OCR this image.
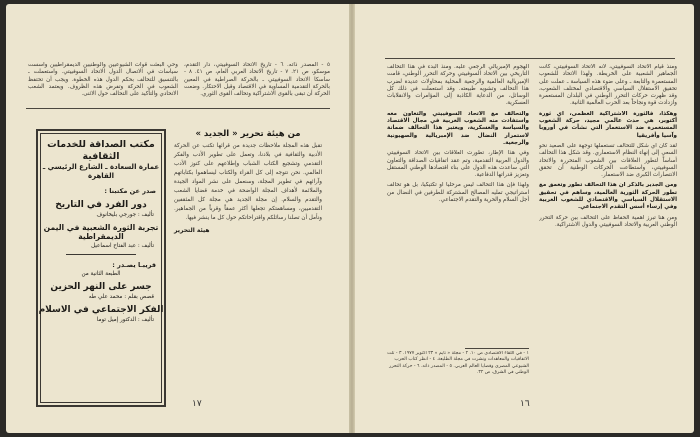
٥ - المصدر ذاته. ٦ - تاريخ الاتحاد السوفييتي، دار التقدم، موسكو، ص ٢١. ٧ - تاريخ الاتحاد العربي العام، ص ٤١. ٨ - ساسكا الاتحاد السوفييتي ـ بالحركة الصراطية في المعين بالحركة التقدمية المساوية في الاقتصاد وقبل الاحتكار. وضعت الحركة أن تبقى بالقوى الاشتراكية وتحالف القوى الثوري.
وحي البعثت قوات الشيوعيين والوطنيين الديمقراطيين وأسست سياسات في الاتصال الدول الاتحاد السوفييتي. واستعملت ـ بالتنسيق للتحالف بحكم الدول هذه الخطوة. ويجب أن تحتفظ الشعوب في الحركة وتفرض هذه الظروف. ويعتمد الشعب الاتحادي والتأكيد على التحالف حول الاثنى.
مكتب الصداقة للخدمات الثقافية
عمارة السعادة ـ الشارع الرئيسي ـ القاهرة
صدر عن مكتبنا :
دور الفرد في التاريخ
تأليف : جورجي بليخانوف
تجربة الثورة الشعبية في اليمن الديمقراطية
تأليف : عبد الفتاح اسماعيل
قريبـا يصـدر :
الطبعة الثانية من
جسر على النهر الحزين
قصص بقلم : محمد علي طه
الفكر الاجتماعي في الاسلام
تأليف : الدكتور إميل توما
من هيئة تحرير « الجديد »
تقبل هذه المجلة ملاحظات جديدة من قرائها تكتب عن الحركة الأدبية والثقافية في بلادنا، وتعمل على تطوير الأدب والفكر التقدمي وتشجيع الكتاب الشباب وإطلاعهم على كنوز الأدب العالمي. نحن نتوجه إلى كل القراء والكتاب ليساهموا بكتاباتهم وآرائهم في تطوير المجلة، وسنعمل على نشر المواد الجيدة والملائمة لأهداف المجلة الواضحة في خدمة قضايا الشعب والتقدم والسلام. إن مجلة الجديد هي مجلة كل المثقفين التقدميين، ومساهمتكم تجعلها أكثر عمقاً وقرباً من الجماهير. ونأمل أن تصلنا رسائلكم واقتراحاتكم حول كل ما ينشر فيها.
هيئة التحرير
١٧
ومنذ قيام الاتحاد السوفييتي، لأنه الاتحاد السوفييتي، كانت الجماهير الشعبية على الخريطة. ولهذا الاتحاد للشعوب المستعمرة والتابعة ـ وعلى ضوء هذه السياسة ـ عملت على تحقيق الاستقلال السياسي والاقتصادي لمختلف الشعوب، وقد ظهرت حركات التحرر الوطني في البلدان المستعمرة وازدادت قوة ونجاحاً بعد الحرب العالمية الثانية.
وهكذا، فالثورة الاشتراكية العظمى، أي ثورة أكتوبر، هي حدث عالمي مجيد، حركة الشعوب المستعمرة ضد الاستعمار التي نشأت في أوروبا وآسيا وأفريقيا
لقد كان أي شكل للتحالف تستعملها توجهة على الصعيد نحو السعي إلى إنهاء النظام الاستعماري. وقد شكل هذا التحالف أساساً لتطور العلاقات بين الشعوب المتحررة والاتحاد السوفييتي، واستطاعت الحركات الوطنية أن تحقق الانتصارات الكبرى ضد الاستعمار.
ومن الجدير بالذكر أن هذا التحالف تطور وتعمق مع تطور الحركة الثورية العالمية، وساهم في تحقيق الاستقلال السياسي والاقتصادي للشعوب العربية وفي إرساء أسس التقدم الاجتماعي.
ومن هنا تبرز أهمية الحفاظ على التحالف بين حركة التحرر الوطني العربية والاتحاد السوفييتي والدول الاشتراكية.
الهجوم الإمبريالي الرجعي عليه. ومنذ البدء في هذا التحالف التاريخي بين الاتحاد السوفييتي وحركة التحرر الوطني، قامت الإمبريالية العالمية والرجعية المحلية بمحاولات عديدة لضرب هذا التحالف وتشويه طبيعته. وقد استعملت في ذلك كل الوسائل، من الدعاية الكاذبة إلى المؤامرات والانقلابات العسكرية.
والتحالف مع الاتحاد السوفييتي والتعاون معه واستفادت منه الشعوب العربية في مجال الاقتصاد والسياسة والعسكرية، ويعتبر هذا التحالف ضمانة لاستمرار النضال ضد الإمبريالية والصهيونية والرجعية.
وفي هذا الإطار، تطورت العلاقات بين الاتحاد السوفييتي والدول العربية التقدمية، وتم عقد اتفاقيات الصداقة والتعاون التي ساعدت هذه الدول على بناء اقتصادها الوطني المستقل وتعزيز قدراتها الدفاعية.
ولهذا فإن هذا التحالف ليس مرحلياً أو تكتيكياً، بل هو تحالف استراتيجي تمليه المصالح المشتركة للطرفين في النضال من أجل السلام والحرية والتقدم الاجتماعي.
١ - في اللقاء الاقتصادي ص ١٠. ٢ - مجلة « تايم » ٢٣ أكتوبر ١٩٧٧. ٣ - تلت الاتفاقيات والمعاهدات ونشرت في مجلة الطليعة. ٤ - انظر كتاب الحزب الشيوعي المصري وقضايا العالم العربي. ٥ - المصدر ذاته. ٦ - حركة التحرر الوطني في الشرق، ص ٣٢.
١٦
